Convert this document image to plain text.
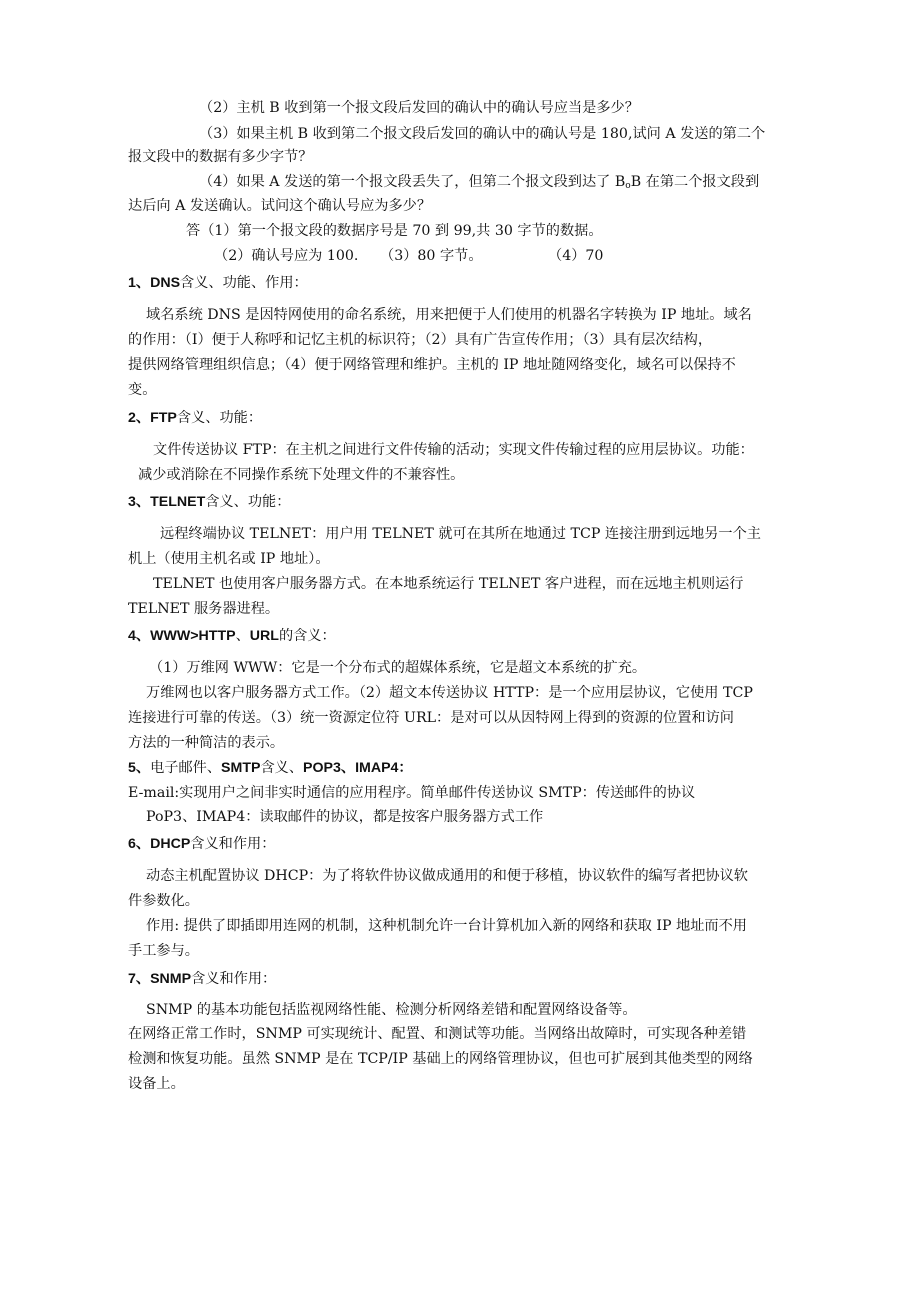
（2）主机 B 收到第一个报文段后发回的确认中的确认号应当是多少？
（3）如果主机 B 收到第二个报文段后发回的确认中的确认号是 180,试问 A 发送的第二个
报文段中的数据有多少字节？
（4）如果 A 发送的第一个报文段丢失了，但第二个报文段到达了 $B_oB$ 在第二个报文段到
达后向 A 发送确认。试问这个确认号应为多少？
答（1）第一个报文段的数据序号是 70 到 99,共 30 字节的数据。
（2）确认号应为 100. （3）80 字节。	（4）70
1、DNS含义、功能、作用：
域名系统 DNS 是因特网使用的命名系统，用来把便于人们使用的机器名字转换为 IP 地址。域名
的作用：（I）便于人称呼和记忆主机的标识符；（2）具有广告宣传作用；（3）具有层次结构，
提供网络管理组织信息；（4）便于网络管理和维护。主机的 IP 地址随网络变化，域名可以保持不
变。
2、FTP含义、功能：
文件传送协议 FTP：在主机之间进行文件传输的活动；实现文件传输过程的应用层协议。功能：
减少或消除在不同操作系统下处理文件的不兼容性。
3、TELNET含义、功能：
远程终端协议 TELNET：用户用 TELNET 就可在其所在地通过 TCP 连接注册到远地另一个主
机上（使用主机名或 IP 地址）。
TELNET 也使用客户服务器方式。在本地系统运行 TELNET 客户进程，而在远地主机则运行
TELNET 服务器进程。
4、WWW>HTTP、URL的含义：
（1）万维网 WWW：它是一个分布式的超媒体系统，它是超文本系统的扩充。
万维网也以客户服务器方式工作。（2）超文本传送协议 HTTP：是一个应用层协议，它使用 TCP
连接进行可靠的传送。（3）统一资源定位符 URL：是对可以从因特网上得到的资源的位置和访问
方法的一种简洁的表示。
5、电子邮件、SMTP含义、POP3、IMAP4：
E-mail:实现用户之间非实时通信的应用程序。简单邮件传送协议 SMTP：传送邮件的协议
PoP3、IMAP4：读取邮件的协议，都是按客户服务器方式工作
6、DHCP含义和作用：
动态主机配置协议 DHCP：为了将软件协议做成通用的和便于移植，协议软件的编写者把协议软
件参数化。
作用: 提供了即插即用连网的机制，这种机制允许一台计算机加入新的网络和获取 IP 地址而不用
手工参与。
7、SNMP含义和作用：
SNMP 的基本功能包括监视网络性能、检测分析网络差错和配置网络设备等。
在网络正常工作时，SNMP 可实现统计、配置、和测试等功能。当网络出故障时，可实现各种差错
检测和恢复功能。虽然 SNMP 是在 TCP/IP 基础上的网络管理协议，但也可扩展到其他类型的网络
设备上。
